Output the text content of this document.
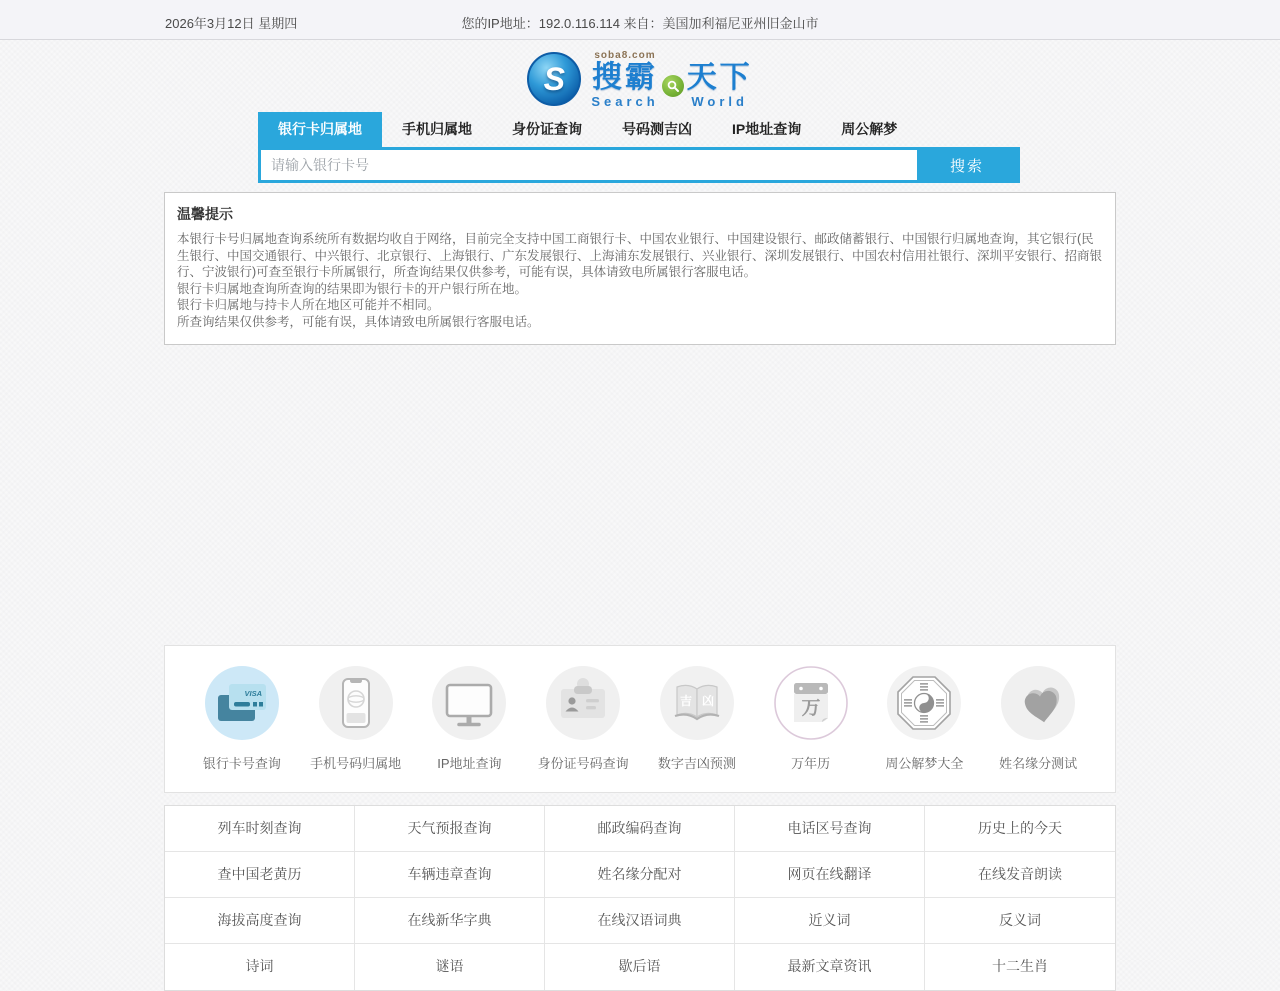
2026年3月12日 星期四	您的IP地址：192.0.116.114 来自：美国加利福尼亚州旧金山市
S
soba8.com
搜霸
Search
天下
World
银行卡归属地	手机归属地	身份证查询	号码测吉凶	IP地址查询	周公解梦
请输入银行卡号
搜索
温馨提示

本银行卡号归属地查询系统所有数据均收自于网络，目前完全支持中国工商银行卡、中国农业银行、中国建设银行、邮政储蓄银行、中国银行归属地查询，其它银行(民生银行、中国交通银行、中兴银行、北京银行、上海银行、广东发展银行、上海浦东发展银行、兴业银行、深圳发展银行、中国农村信用社银行、深圳平安银行、招商银行、宁波银行)可查至银行卡所属银行，所查询结果仅供参考，可能有误，具体请致电所属银行客服电话。

银行卡归属地查询所查询的结果即为银行卡的开户银行所在地。

银行卡归属地与持卡人所在地区可能并不相同。

所查询结果仅供参考，可能有误，具体请致电所属银行客服电话。

VISA
银行卡号查询 手机号码归属地	IP地址查询	身份证号码查询
吉 凶
数字吉凶预测
万
万年历	周公解梦大全	姓名缘分测试
列车时刻查询	天气预报查询	邮政编码查询	电话区号查询	历史上的今天
查中国老黄历	车辆违章查询	姓名缘分配对	网页在线翻译	在线发音朗读
海拔高度查询	在线新华字典	在线汉语词典	近义词	反义词
诗词	谜语	歇后语	最新文章资讯	十二生肖
